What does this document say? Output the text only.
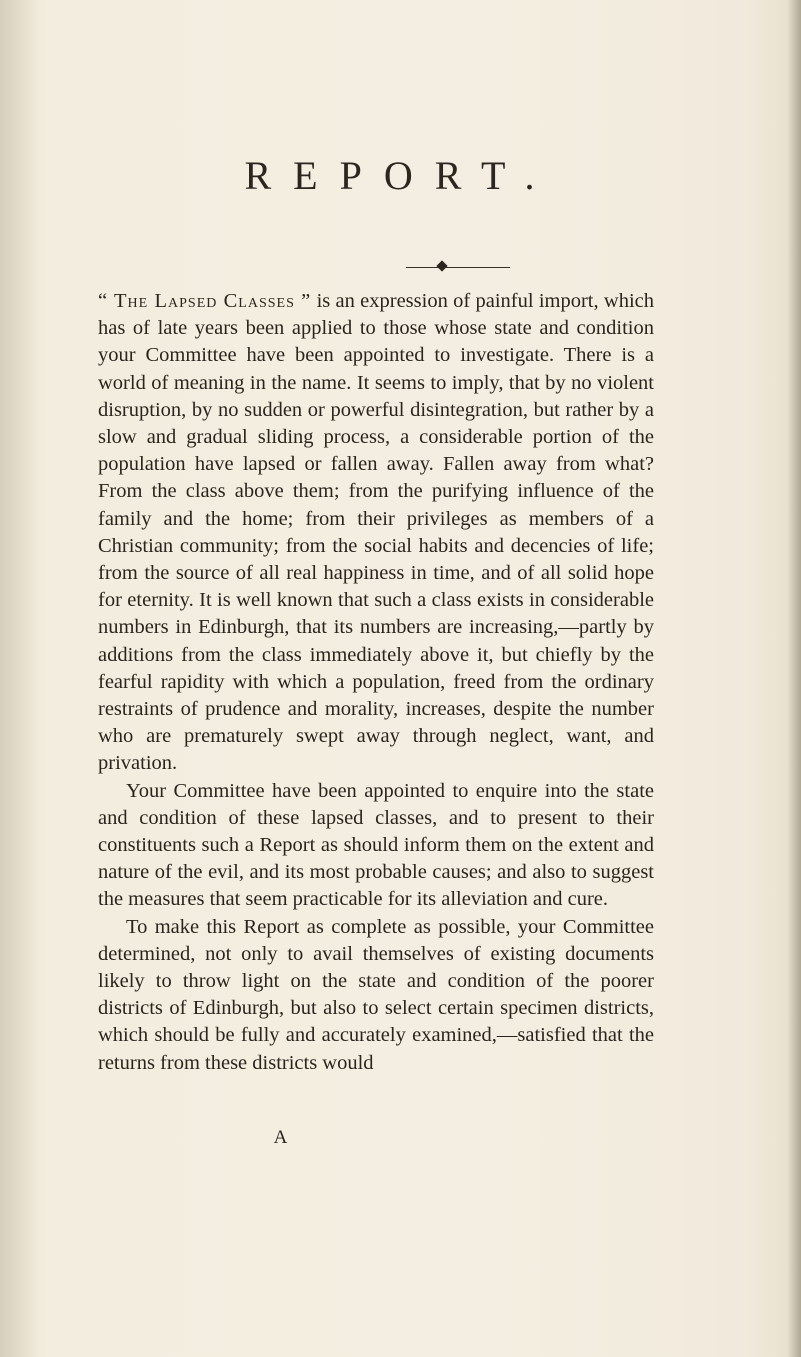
REPORT.

“ The Lapsed Classes ” is an expression of painful import, which has of late years been applied to those whose state and condition your Committee have been appointed to investigate. There is a world of meaning in the name. It seems to imply, that by no violent disruption, by no sudden or powerful disintegration, but rather by a slow and gradual sliding process, a considerable portion of the population have lapsed or fallen away. Fallen away from what? From the class above them; from the purifying influence of the family and the home; from their privileges as members of a Christian community; from the social habits and decencies of life; from the source of all real happiness in time, and of all solid hope for eternity. It is well known that such a class exists in considerable numbers in Edinburgh, that its numbers are increasing,—partly by additions from the class immediately above it, but chiefly by the fearful rapidity with which a population, freed from the ordinary restraints of prudence and morality, increases, despite the number who are prematurely swept away through neglect, want, and privation.

Your Committee have been appointed to enquire into the state and condition of these lapsed classes, and to present to their constituents such a Report as should inform them on the extent and nature of the evil, and its most probable causes; and also to suggest the measures that seem practicable for its alleviation and cure.

To make this Report as complete as possible, your Committee determined, not only to avail themselves of existing documents likely to throw light on the state and condition of the poorer districts of Edinburgh, but also to select certain specimen districts, which should be fully and accurately examined,—satisfied that the returns from these districts would

A
